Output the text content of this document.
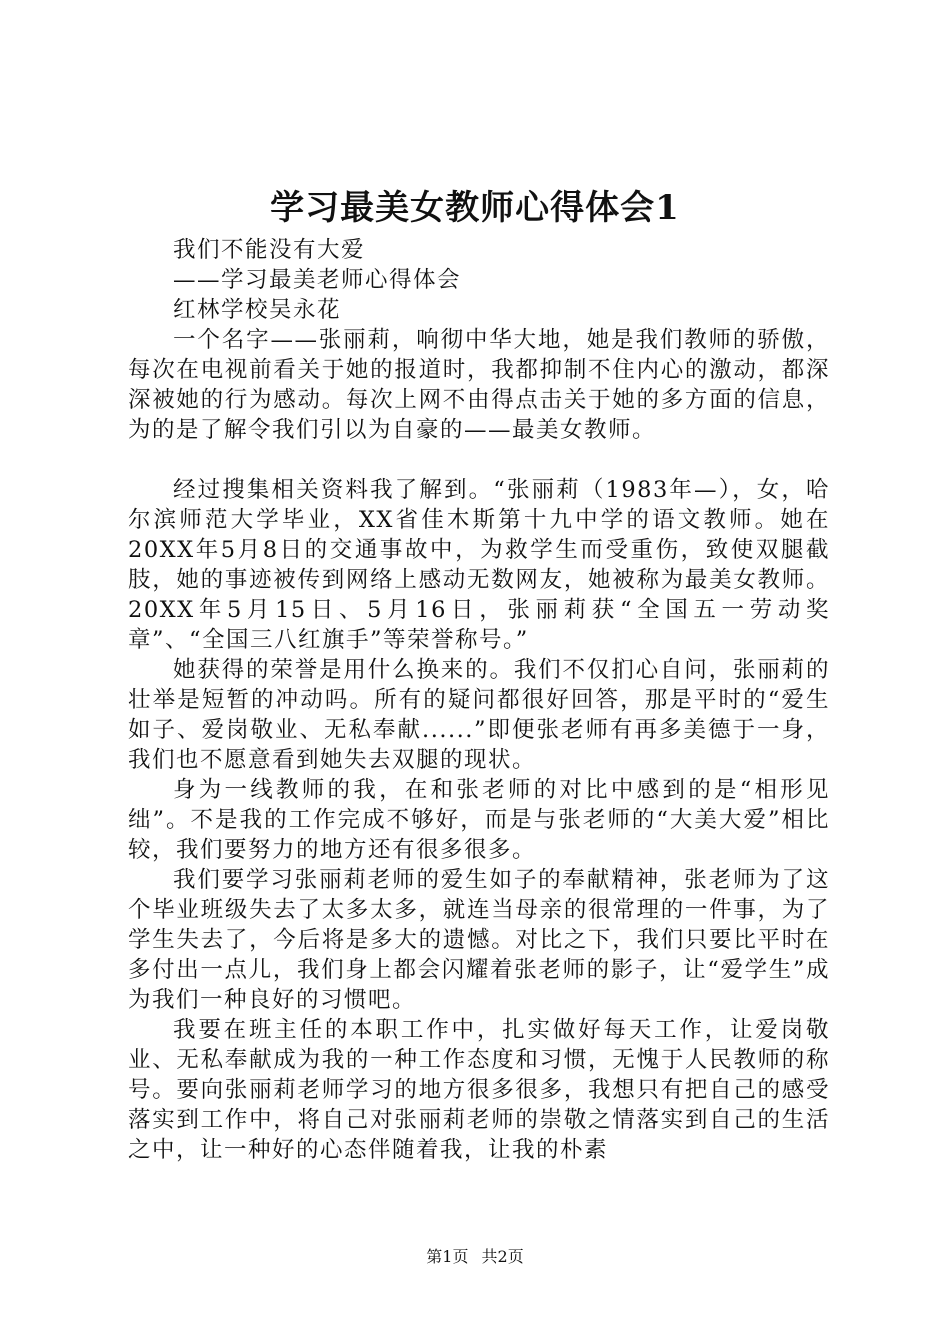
学习最美女教师心得体会1

我们不能没有大爱

——学习最美老师心得体会

红林学校吴永花

一个名字——张丽莉，响彻中华大地，她是我们教师的骄傲，每次在电视前看关于她的报道时，我都抑制不住内心的激动，都深深被她的行为感动。每次上网不由得点击关于她的多方面的信息，为的是了解令我们引以为自豪的——最美女教师。

经过搜集相关资料我了解到。“张丽莉（1983年—），女，哈尔滨师范大学毕业，XX省佳木斯第十九中学的语文教师。她在20XX年5月8日的交通事故中，为救学生而受重伤，致使双腿截肢，她的事迹被传到网络上感动无数网友，她被称为最美女教师。20XX年5月15日、5月16日，张丽莉获“全国五一劳动奖章”、“全国三八红旗手”等荣誉称号。”

她获得的荣誉是用什么换来的。我们不仅扪心自问，张丽莉的壮举是短暂的冲动吗。所有的疑问都很好回答，那是平时的“爱生如子、爱岗敬业、无私奉献......”即便张老师有再多美德于一身，我们也不愿意看到她失去双腿的现状。

身为一线教师的我，在和张老师的对比中感到的是“相形见绌”。不是我的工作完成不够好，而是与张老师的“大美大爱”相比较，我们要努力的地方还有很多很多。

我们要学习张丽莉老师的爱生如子的奉献精神，张老师为了这个毕业班级失去了太多太多，就连当母亲的很常理的一件事，为了学生失去了，今后将是多大的遗憾。对比之下，我们只要比平时在多付出一点儿，我们身上都会闪耀着张老师的影子，让“爱学生”成为我们一种良好的习惯吧。

我要在班主任的本职工作中，扎实做好每天工作，让爱岗敬业、无私奉献成为我的一种工作态度和习惯，无愧于人民教师的称号。要向张丽莉老师学习的地方很多很多，我想只有把自己的感受落实到工作中，将自己对张丽莉老师的崇敬之情落实到自己的生活之中，让一种好的心态伴随着我，让我的朴素

第1页 共2页
